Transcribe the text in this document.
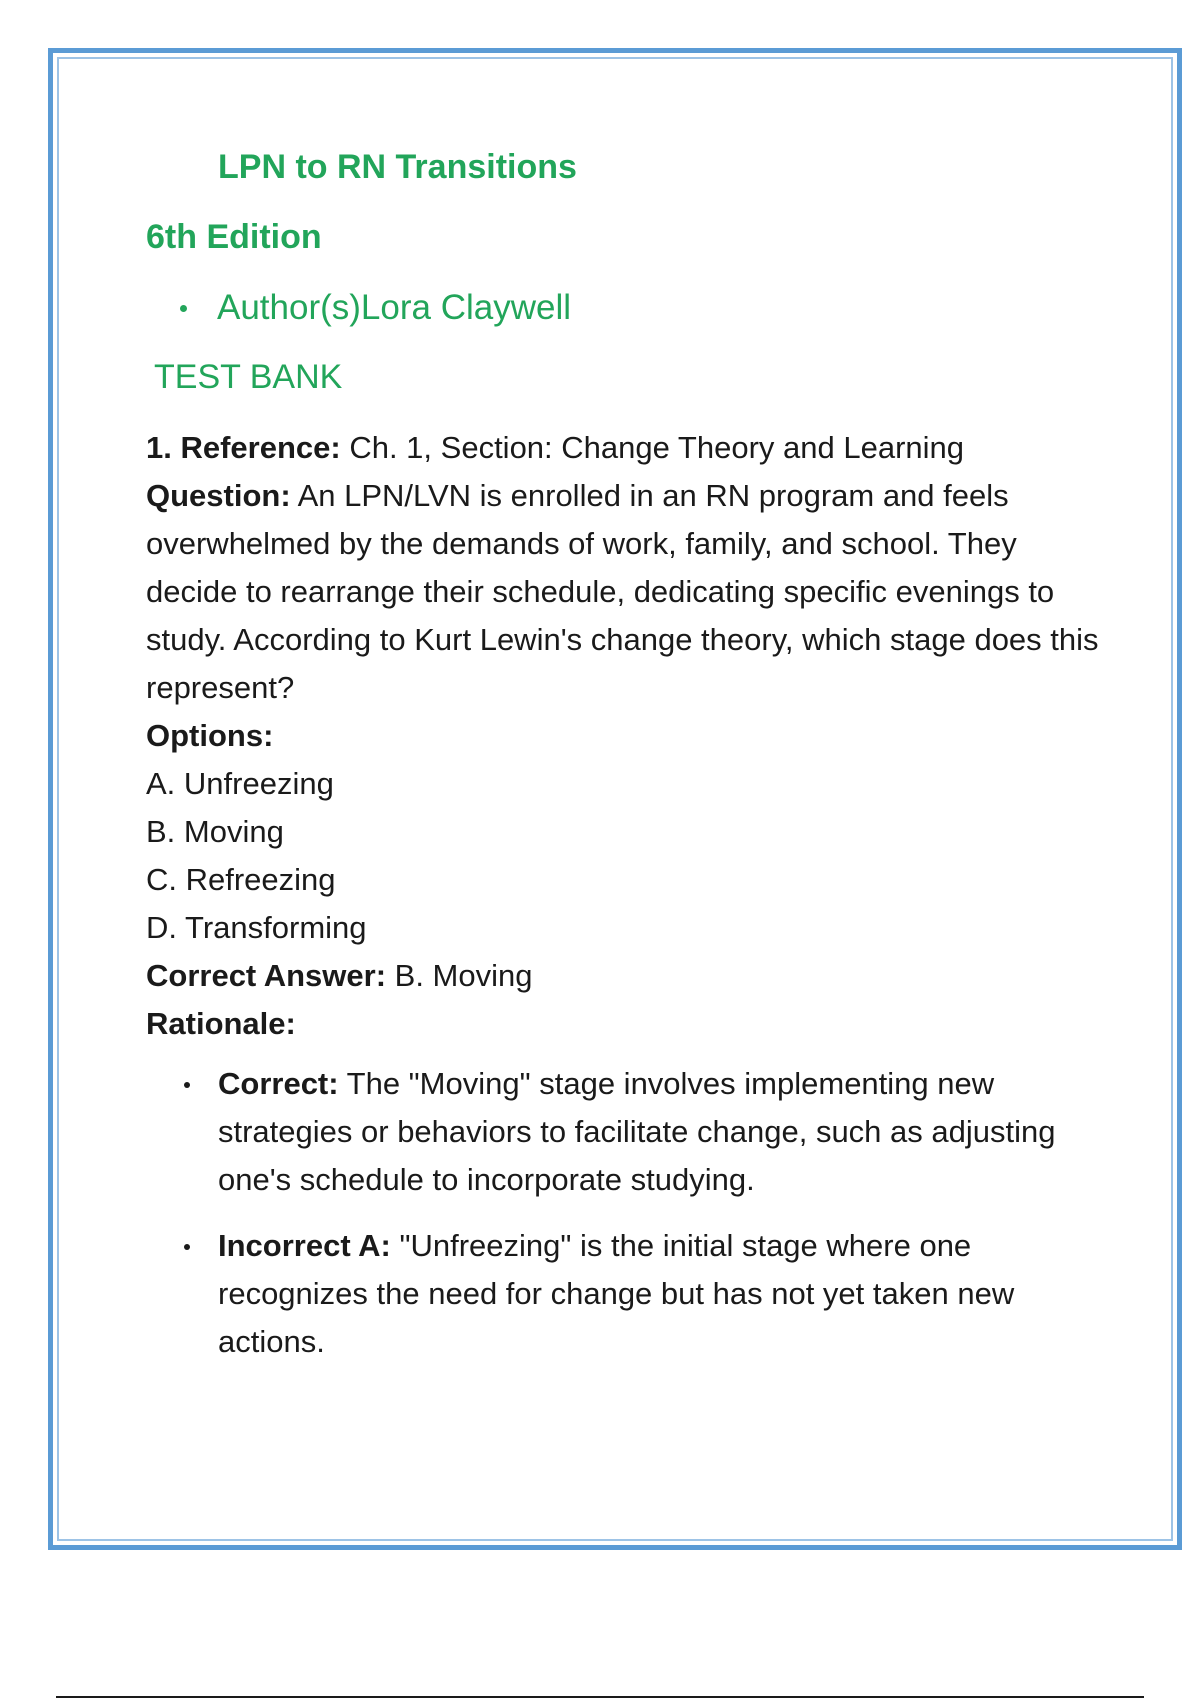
LPN to RN Transitions
6th Edition
Author(s)Lora Claywell
TEST BANK

1. Reference: Ch. 1, Section: Change Theory and Learning

Question: An LPN/LVN is enrolled in an RN program and feels overwhelmed by the demands of work, family, and school. They decide to rearrange their schedule, dedicating specific evenings to study. According to Kurt Lewin's change theory, which stage does this represent?

Options:

A. Unfreezing

B. Moving

C. Refreezing

D. Transforming

Correct Answer: B. Moving

Rationale:

Correct: The "Moving" stage involves implementing new strategies or behaviors to facilitate change, such as adjusting one's schedule to incorporate studying.
Incorrect A: "Unfreezing" is the initial stage where one recognizes the need for change but has not yet taken new actions.
